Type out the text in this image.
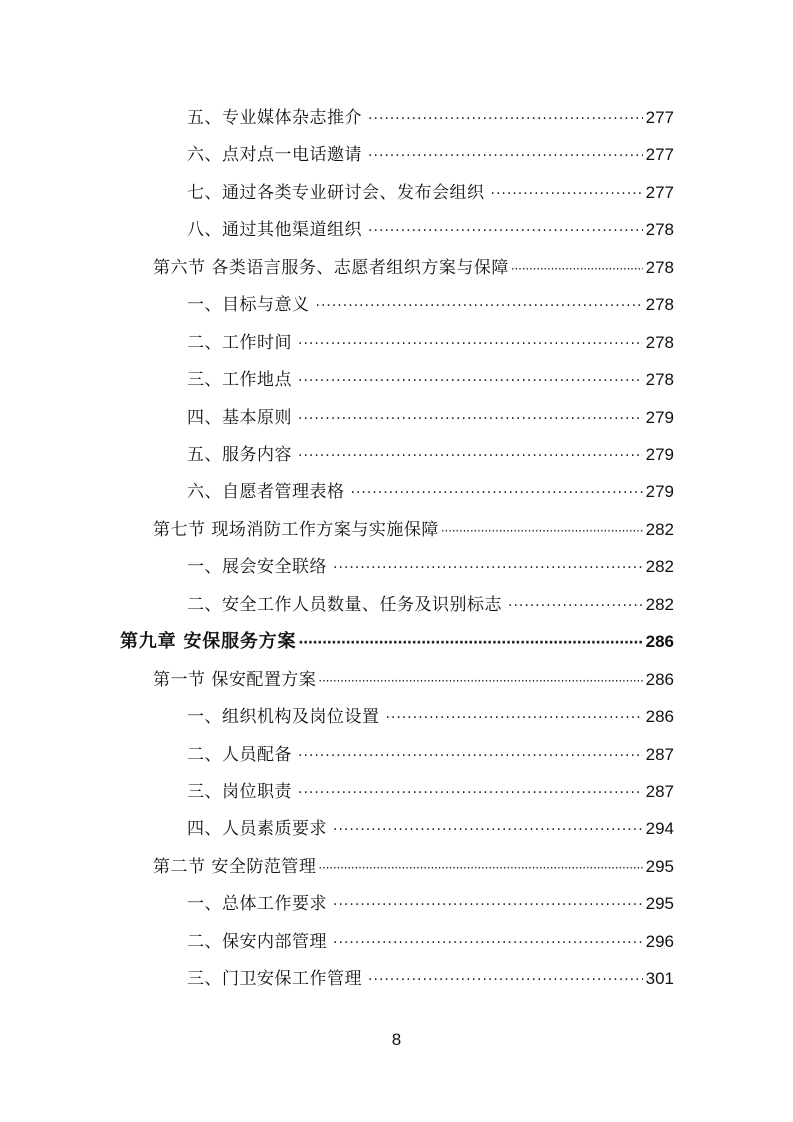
五、专业媒体杂志推介 ·····	277
六、点对点一电话邀请 ·····	277
七、通过各类专业研讨会、发布会组织 ·····	277
八、通过其他渠道组织 ·····	278
第六节 各类语言服务、志愿者组织方案与保障 ·····	278
一、目标与意义 ·····	278
二、工作时间 ·····	278
三、工作地点 ·····	278
四、基本原则 ·····	279
五、服务内容 ·····	279
六、自愿者管理表格 ·····	279
第七节 现场消防工作方案与实施保障 ·····	282
一、展会安全联络 ·····	282
二、安全工作人员数量、任务及识别标志 ·····	282
第九章 安保服务方案 ·····	286
第一节 保安配置方案 ·····	286
一、组织机构及岗位设置 ·····	286
二、人员配备 ·····	287
三、岗位职责 ·····	287
四、人员素质要求 ·····	294
第二节 安全防范管理 ·····	295
一、总体工作要求 ·····	295
二、保安内部管理 ·····	296
三、门卫安保工作管理 ·····	301
8
